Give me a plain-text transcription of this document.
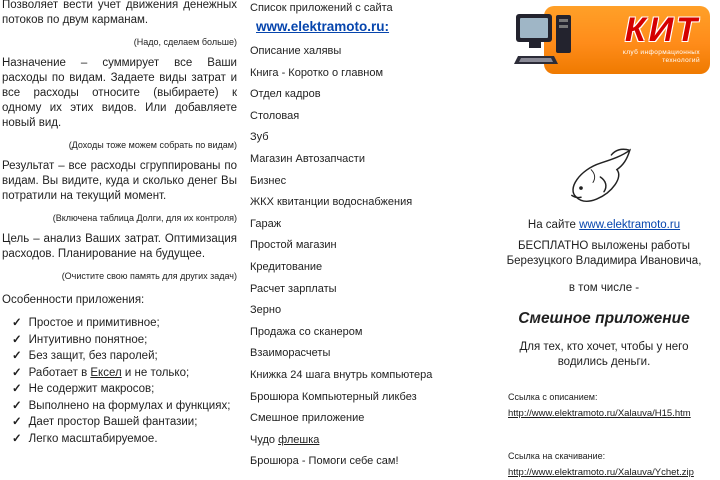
Позволяет вести учет движения денежных потоков по двум карманам.

(Надо, сделаем больше)

Назначение – суммирует все Ваши расходы по видам. Задаете виды затрат и все расходы относите (выбираете) к одному их этих видов. Или добавляете новый вид.

(Доходы тоже можем собрать по видам)

Результат – все расходы сгруппированы по видам. Вы видите, куда и сколько денег Вы потратили на текущий момент.

(Включена таблица Долги, для их контроля)

Цель – анализ Ваших затрат. Оптимизация расходов. Планирование на будущее.

(Очистите свою память для других задач)

Особенности приложения:

✓ Простое и примитивное;
✓ Интуитивно понятное;
✓ Без защит, без паролей;
✓ Работает в Ексел и не только;
✓ Не содержит макросов;
✓ Выполнено на формулах и функциях;
✓ Дает простор Вашей фантазии;
✓ Легко масштабируемое.

Список приложений с сайта

www.elektramoto.ru:

Описание халявы
Книга - Коротко о главном
Отдел кадров
Столовая
Зуб
Магазин Автозапчасти
Бизнес
ЖКХ квитанции водоснабжения
Гараж
Простой магазин
Кредитование
Расчет зарплаты
Зерно
Продажа со сканером
Взаиморасчеты
Книжка 24 шага внутрь компьютера
Брошюра Компьютерный ликбез
Смешное приложение
Чудо флешка
Брошюра - Помоги себе сам!
КИТ
клуб информационных технологий

На сайте www.elektramoto.ru

БЕСПЛАТНО выложены работы Березуцкого Владимира Ивановича,

в том числе -

Смешное приложение

Для тех, кто хочет, чтобы у него водились деньги.

Ссылка с описанием:

http://www.elektramoto.ru/Xalauva/H15.htm

Ссылка на скачивание:

http://www.elektramoto.ru/Xalauva/Ychet.zip
